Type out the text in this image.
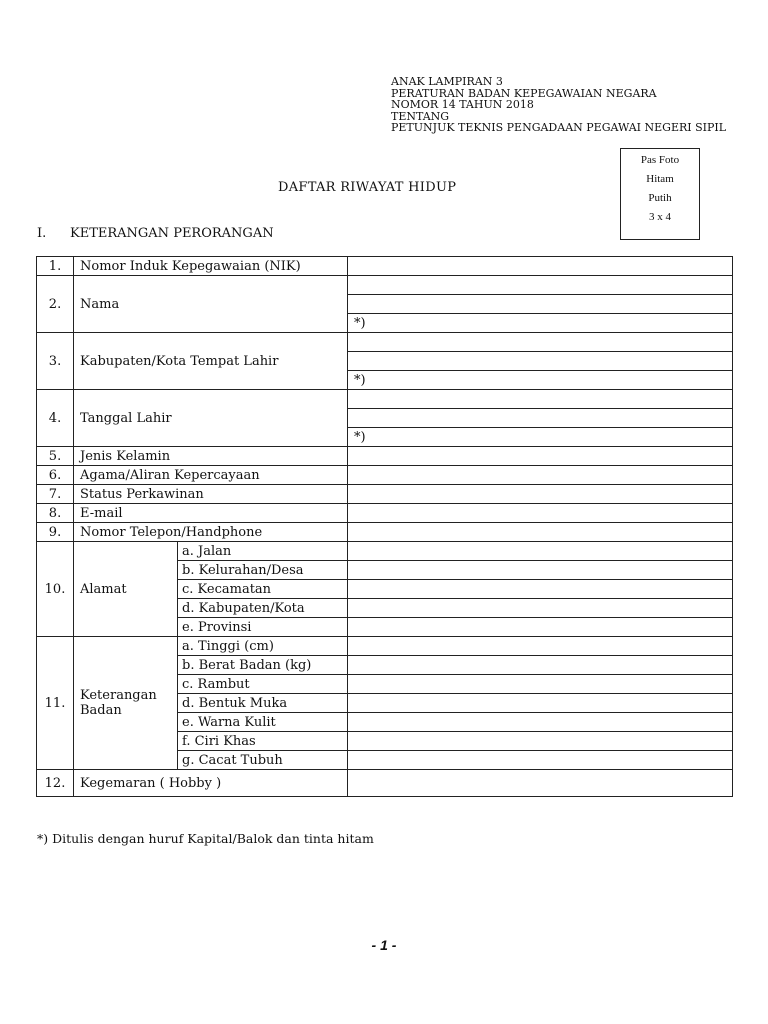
ANAK LAMPIRAN 3
PERATURAN BADAN KEPEGAWAIAN NEGARA
NOMOR 14 TAHUN 2018
TENTANG
PETUNJUK TEKNIS PENGADAAN PEGAWAI NEGERI SIPIL
Pas Foto
Hitam
Putih
3 x 4
DAFTAR RIWAYAT HIDUP
I. KETERANGAN PERORANGAN
1.	Nomor Induk Kepegawaian (NIK)		
2.	Nama		

			*)
3.	Kabupaten/Kota Tempat Lahir		

			*)
4.	Tanggal Lahir		

			*)
5.	Jenis Kelamin		
6.	Agama/Aliran Kepercayaan		
7.	Status Perkawinan		
8.	E-mail		
9.	Nomor Telepon/Handphone		
10.	Alamat	a. Jalan	
		b. Kelurahan/Desa	
		c. Kecamatan	
		d. Kabupaten/Kota	
		e. Provinsi	
11.	Keterangan
Badan	a. Tinggi (cm)	
		b. Berat Badan (kg)	
		c. Rambut	
		d. Bentuk Muka	
		e. Warna Kulit	
		f. Ciri Khas	
		g. Cacat Tubuh	
12.	Kegemaran ( Hobby )		
*) Ditulis dengan huruf Kapital/Balok dan tinta hitam
- 1 -
